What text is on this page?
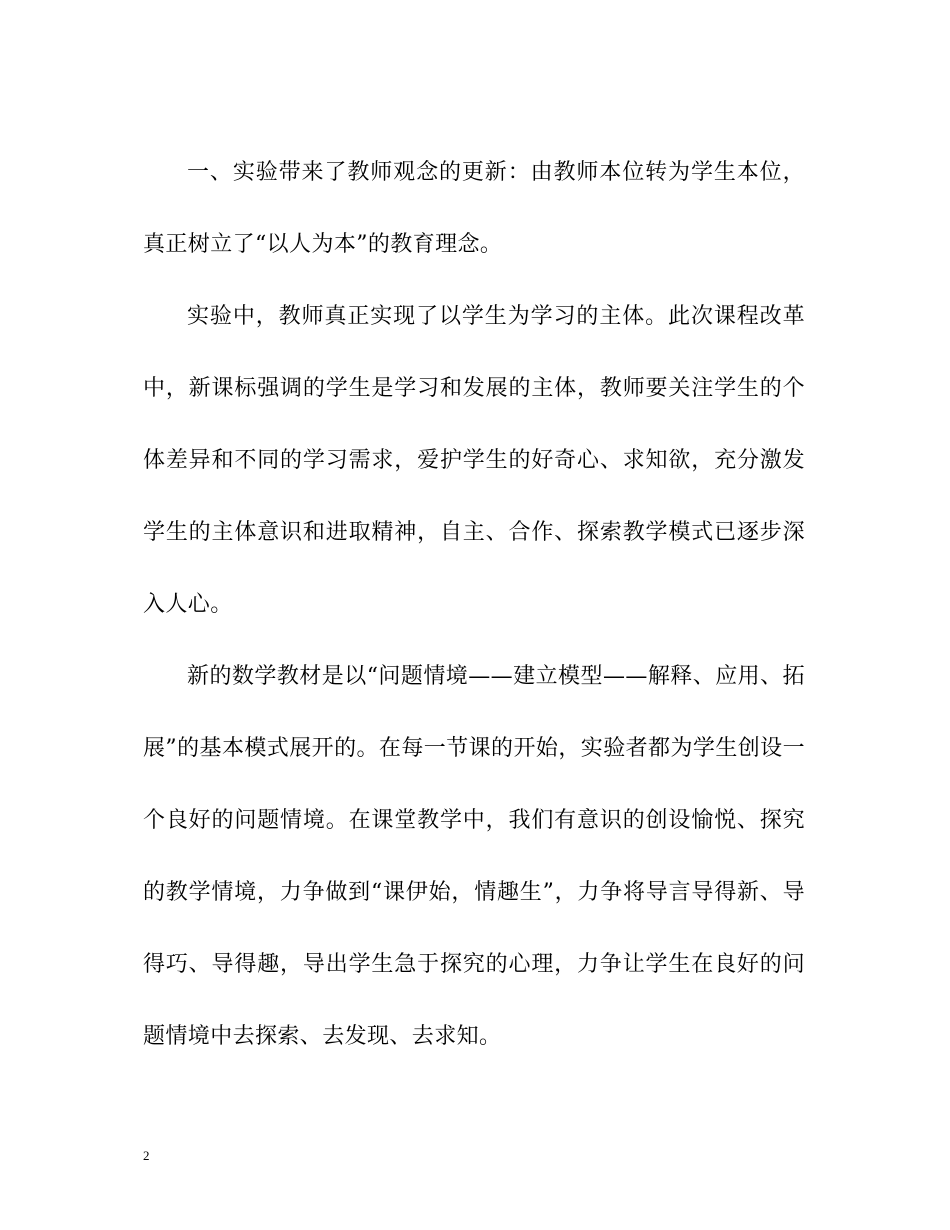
一、实验带来了教师观念的更新：由教师本位转为学生本位，真正树立了“以人为本”的教育理念。

实验中，教师真正实现了以学生为学习的主体。此次课程改革中，新课标强调的学生是学习和发展的主体，教师要关注学生的个体差异和不同的学习需求，爱护学生的好奇心、求知欲，充分激发学生的主体意识和进取精神，自主、合作、探索教学模式已逐步深入人心。

新的数学教材是以“问题情境——建立模型——解释、应用、拓展”的基本模式展开的。在每一节课的开始，实验者都为学生创设一个良好的问题情境。在课堂教学中，我们有意识的创设愉悦、探究的教学情境，力争做到“课伊始，情趣生”，力争将导言导得新、导得巧、导得趣，导出学生急于探究的心理，力争让学生在良好的问题情境中去探索、去发现、去求知。

2
